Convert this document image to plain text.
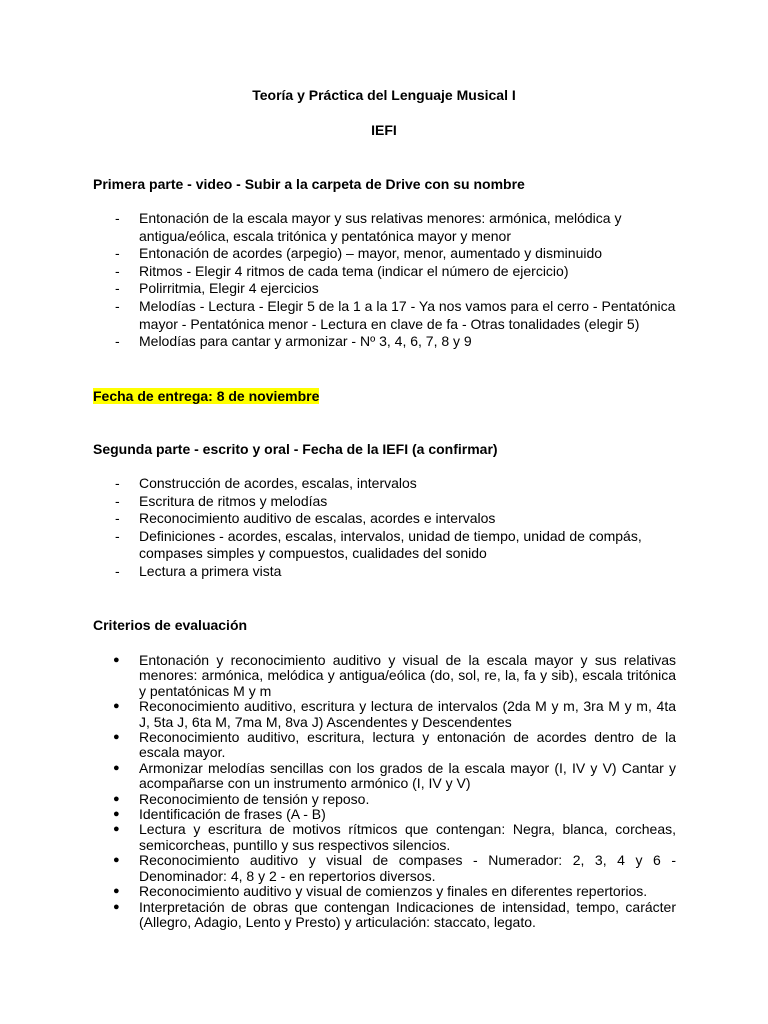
Teoría y Práctica del Lenguaje Musical I
IEFI
Primera parte - video - Subir a la carpeta de Drive con su nombre
- Entonación de la escala mayor y sus relativas menores: armónica, melódica y antigua/eólica, escala tritónica y pentatónica mayor y menor
- Entonación de acordes (arpegio) – mayor, menor, aumentado y disminuido
- Ritmos - Elegir 4 ritmos de cada tema (indicar el número de ejercicio)
- Polirritmia, Elegir 4 ejercicios
- Melodías - Lectura - Elegir 5 de la 1 a la 17 - Ya nos vamos para el cerro - Pentatónica mayor - Pentatónica menor - Lectura en clave de fa - Otras tonalidades (elegir 5)
- Melodías para cantar y armonizar - Nº 3, 4, 6, 7, 8 y 9
Fecha de entrega: 8 de noviembre
Segunda parte - escrito y oral - Fecha de la IEFI (a confirmar)
- Construcción de acordes, escalas, intervalos
- Escritura de ritmos y melodías
- Reconocimiento auditivo de escalas, acordes e intervalos
- Definiciones - acordes, escalas, intervalos, unidad de tiempo, unidad de compás, compases simples y compuestos, cualidades del sonido
- Lectura a primera vista
Criterios de evaluación
● Entonación y reconocimiento auditivo y visual de la escala mayor y sus relativas menores: armónica, melódica y antigua/eólica (do, sol, re, la, fa y sib), escala tritónica y pentatónicas M y m
● Reconocimiento auditivo, escritura y lectura de intervalos (2da M y m, 3ra M y m, 4ta J, 5ta J, 6ta M, 7ma M, 8va J) Ascendentes y Descendentes
● Reconocimiento auditivo, escritura, lectura y entonación de acordes dentro de la escala mayor.
● Armonizar melodías sencillas con los grados de la escala mayor (I, IV y V) Cantar y acompañarse con un instrumento armónico (I, IV y V)
● Reconocimiento de tensión y reposo.
● Identificación de frases (A - B)
● Lectura y escritura de motivos rítmicos que contengan: Negra, blanca, corcheas, semicorcheas, puntillo y sus respectivos silencios.
● Reconocimiento auditivo y visual de compases - Numerador: 2, 3, 4 y 6 - Denominador: 4, 8 y 2 - en repertorios diversos.
● Reconocimiento auditivo y visual de comienzos y finales en diferentes repertorios.
● Interpretación de obras que contengan Indicaciones de intensidad, tempo, carácter (Allegro, Adagio, Lento y Presto) y articulación: staccato, legato.
